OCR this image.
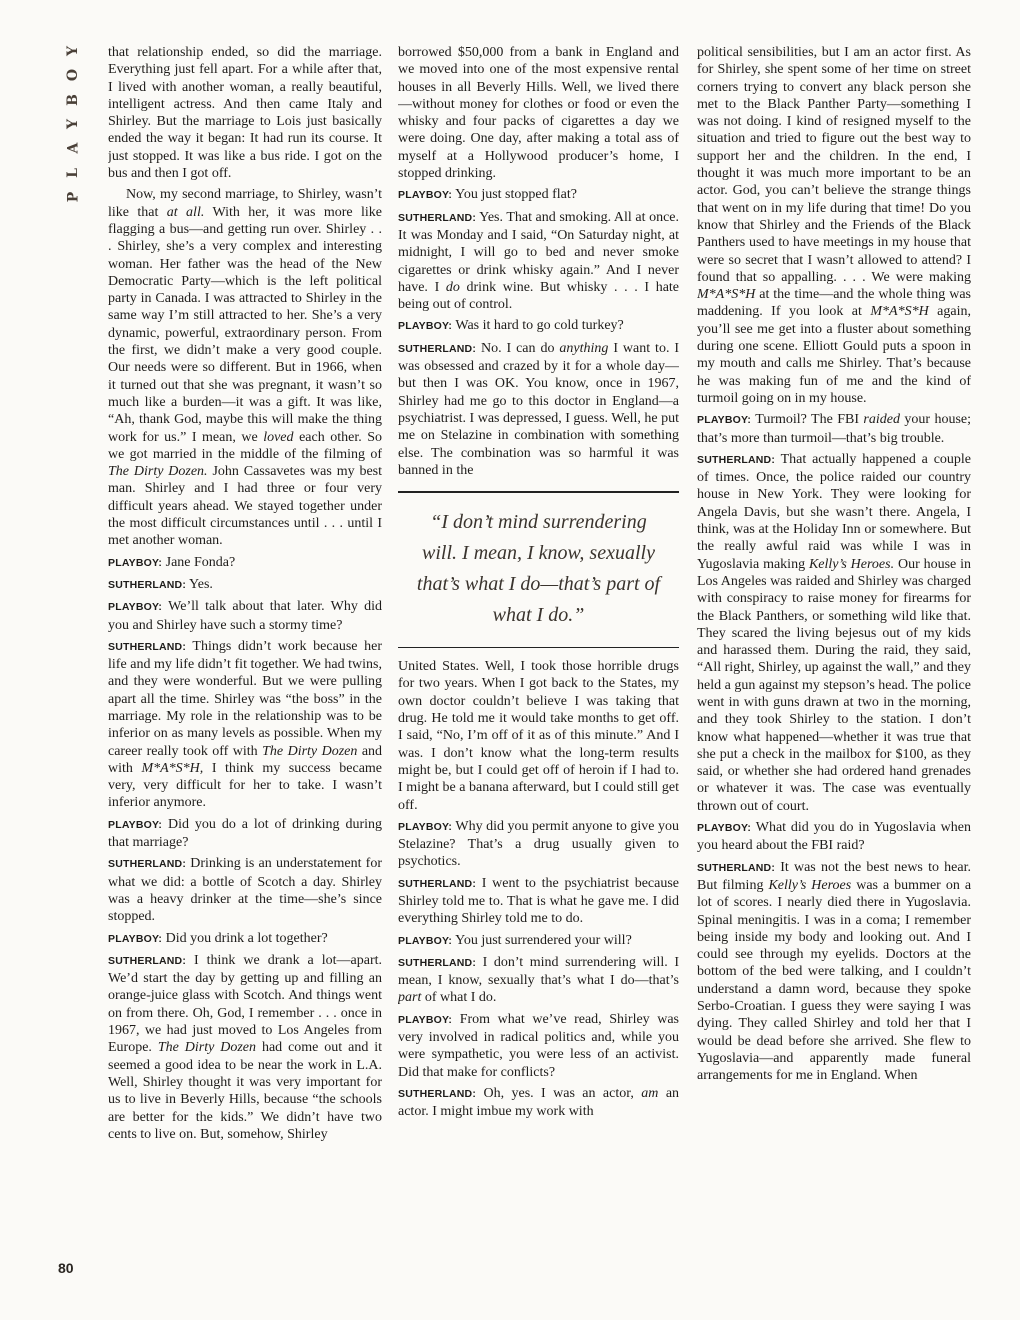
Y
O
B
Y
A
L
P
80

that relationship ended, so did the marriage. Everything just fell apart. For a while after that, I lived with another woman, a really beautiful, intelligent actress. And then came Italy and Shirley. But the marriage to Lois just basically ended the way it began: It had run its course. It just stopped. It was like a bus ride. I got on the bus and then I got off.

Now, my second marriage, to Shirley, wasn’t like that at all. With her, it was more like flagging a bus—and getting run over. Shirley . . . Shirley, she’s a very complex and interesting woman. Her father was the head of the New Democratic Party—which is the left political party in Canada. I was attracted to Shirley in the same way I’m still attracted to her. She’s a very dynamic, powerful, extraordinary person. From the first, we didn’t make a very good couple. Our needs were so different. But in 1966, when it turned out that she was pregnant, it wasn’t so much like a burden—it was a gift. It was like, “Ah, thank God, maybe this will make the thing work for us.” I mean, we loved each other. So we got married in the middle of the filming of The Dirty Dozen. John Cassavetes was my best man. Shirley and I had three or four very difficult years ahead. We stayed together under the most difficult circumstances until . . . until I met another woman.

PLAYBOY: Jane Fonda?

SUTHERLAND: Yes.

PLAYBOY: We’ll talk about that later. Why did you and Shirley have such a stormy time?

SUTHERLAND: Things didn’t work because her life and my life didn’t fit together. We had twins, and they were wonderful. But we were pulling apart all the time. Shirley was “the boss” in the marriage. My role in the relationship was to be inferior on as many levels as possible. When my career really took off with The Dirty Dozen and with M*A*S*H, I think my success became very, very difficult for her to take. I wasn’t inferior anymore.

PLAYBOY: Did you do a lot of drinking during that marriage?

SUTHERLAND: Drinking is an understatement for what we did: a bottle of Scotch a day. Shirley was a heavy drinker at the time—she’s since stopped.

PLAYBOY: Did you drink a lot together?

SUTHERLAND: I think we drank a lot—apart. We’d start the day by getting up and filling an orange-juice glass with Scotch. And things went on from there. Oh, God, I remember . . . once in 1967, we had just moved to Los Angeles from Europe. The Dirty Dozen had come out and it seemed a good idea to be near the work in L.A. Well, Shirley thought it was very important for us to live in Beverly Hills, because “the schools are better for the kids.” We didn’t have two cents to live on. But, somehow, Shirley

borrowed $50,000 from a bank in England and we moved into one of the most expensive rental houses in all Beverly Hills. Well, we lived there—without money for clothes or food or even the whisky and four packs of cigarettes a day we were doing. One day, after making a total ass of myself at a Hollywood producer’s home, I stopped drinking.

PLAYBOY: You just stopped flat?

SUTHERLAND: Yes. That and smoking. All at once. It was Monday and I said, “On Saturday night, at midnight, I will go to bed and never smoke cigarettes or drink whisky again.” And I never have. I do drink wine. But whisky . . . I hate being out of control.

PLAYBOY: Was it hard to go cold turkey?

SUTHERLAND: No. I can do anything I want to. I was obsessed and crazed by it for a whole day—but then I was OK. You know, once in 1967, Shirley had me go to this doctor in England—a psychiatrist. I was depressed, I guess. Well, he put me on Stelazine in combination with something else. The combination was so harmful it was banned in the

“I don’t mind surrendering will. I mean, I know, sexually that’s what I do—that’s part of what I do.”

United States. Well, I took those horrible drugs for two years. When I got back to the States, my own doctor couldn’t believe I was taking that drug. He told me it would take months to get off. I said, “No, I’m off of it as of this minute.” And I was. I don’t know what the long-term results might be, but I could get off of heroin if I had to. I might be a banana afterward, but I could still get off.

PLAYBOY: Why did you permit anyone to give you Stelazine? That’s a drug usually given to psychotics.

SUTHERLAND: I went to the psychiatrist because Shirley told me to. That is what he gave me. I did everything Shirley told me to do.

PLAYBOY: You just surrendered your will?

SUTHERLAND: I don’t mind surrendering will. I mean, I know, sexually that’s what I do—that’s part of what I do.

PLAYBOY: From what we’ve read, Shirley was very involved in radical politics and, while you were sympathetic, you were less of an activist. Did that make for conflicts?

SUTHERLAND: Oh, yes. I was an actor, am an actor. I might imbue my work with

political sensibilities, but I am an actor first. As for Shirley, she spent some of her time on street corners trying to convert any black person she met to the Black Panther Party—something I was not doing. I kind of resigned myself to the situation and tried to figure out the best way to support her and the children. In the end, I thought it was much more important to be an actor. God, you can’t believe the strange things that went on in my life during that time! Do you know that Shirley and the Friends of the Black Panthers used to have meetings in my house that were so secret that I wasn’t allowed to attend? I found that so appalling. . . . We were making M*A*S*H at the time—and the whole thing was maddening. If you look at M*A*S*H again, you’ll see me get into a fluster about something during one scene. Elliott Gould puts a spoon in my mouth and calls me Shirley. That’s because he was making fun of me and the kind of turmoil going on in my house.

PLAYBOY: Turmoil? The FBI raided your house; that’s more than turmoil—that’s big trouble.

SUTHERLAND: That actually happened a couple of times. Once, the police raided our country house in New York. They were looking for Angela Davis, but she wasn’t there. Angela, I think, was at the Holiday Inn or somewhere. But the really awful raid was while I was in Yugoslavia making Kelly’s Heroes. Our house in Los Angeles was raided and Shirley was charged with conspiracy to raise money for firearms for the Black Panthers, or something wild like that. They scared the living bejesus out of my kids and harassed them. During the raid, they said, “All right, Shirley, up against the wall,” and they held a gun against my stepson’s head. The police went in with guns drawn at two in the morning, and they took Shirley to the station. I don’t know what happened—whether it was true that she put a check in the mailbox for $100, as they said, or whether she had ordered hand grenades or whatever it was. The case was eventually thrown out of court.

PLAYBOY: What did you do in Yugoslavia when you heard about the FBI raid?

SUTHERLAND: It was not the best news to hear. But filming Kelly’s Heroes was a bummer on a lot of scores. I nearly died there in Yugoslavia. Spinal meningitis. I was in a coma; I remember being inside my body and looking out. And I could see through my eyelids. Doctors at the bottom of the bed were talking, and I couldn’t understand a damn word, because they spoke Serbo-Croatian. I guess they were saying I was dying. They called Shirley and told her that I would be dead before she arrived. She flew to Yugoslavia—and apparently made funeral arrangements for me in England. When
